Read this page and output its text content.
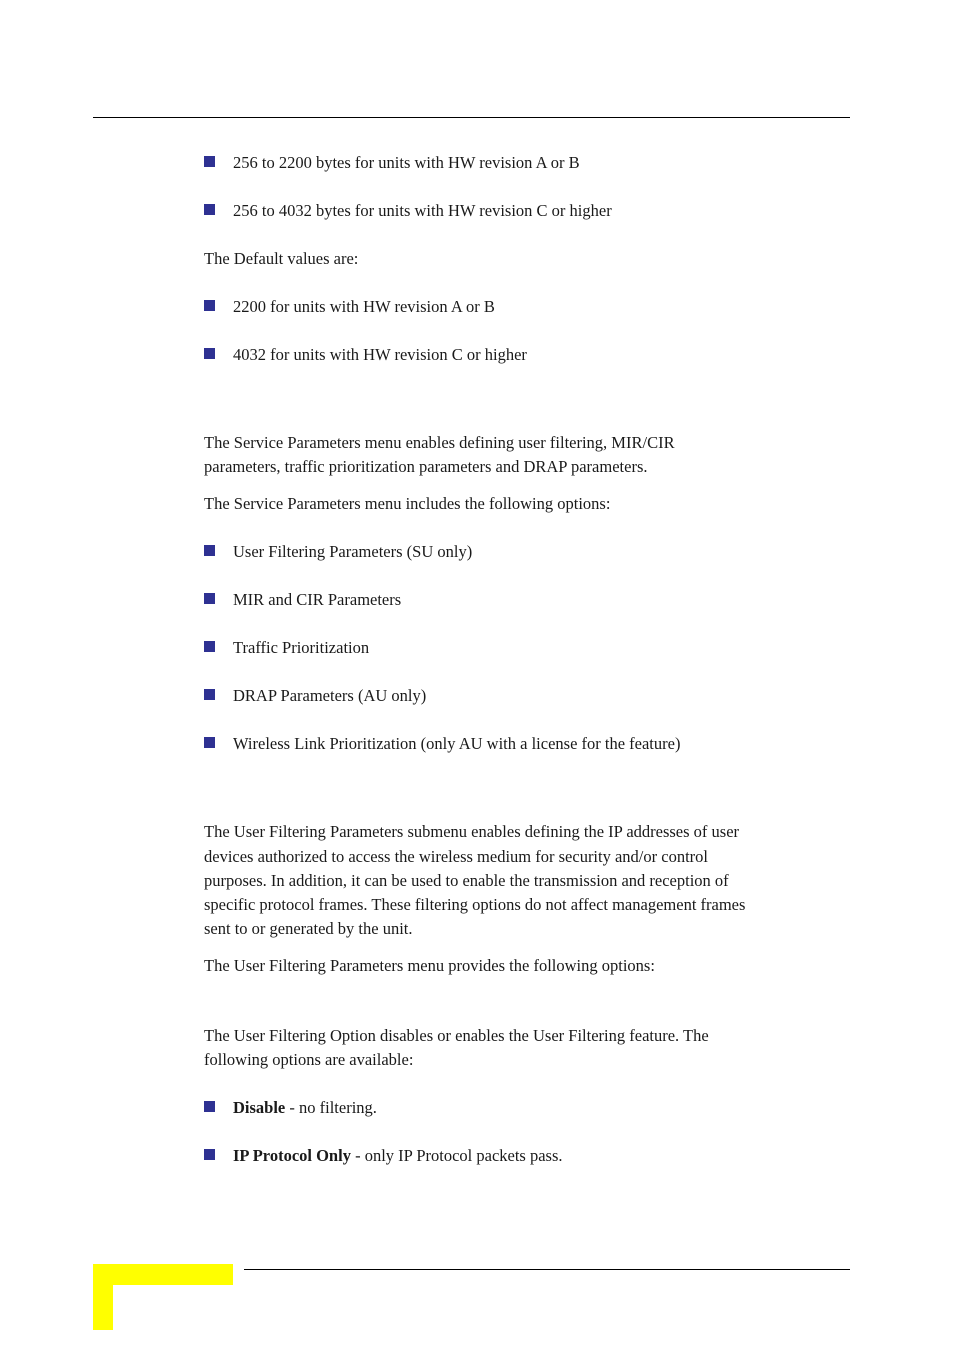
256 to 2200 bytes for units with HW revision A or B
256 to 4032 bytes for units with HW revision C or higher
The Default values are:
2200 for units with HW revision A or B
4032 for units with HW revision C or higher
The Service Parameters menu enables defining user filtering, MIR/CIR
parameters, traffic prioritization parameters and DRAP parameters.
The Service Parameters menu includes the following options:
User Filtering Parameters (SU only)
MIR and CIR Parameters
Traffic Prioritization
DRAP Parameters (AU only)
Wireless Link Prioritization (only AU with a license for the feature)
The User Filtering Parameters submenu enables defining the IP addresses of user
devices authorized to access the wireless medium for security and/or control
purposes. In addition, it can be used to enable the transmission and reception of
specific protocol frames. These filtering options do not affect management frames
sent to or generated by the unit.
The User Filtering Parameters menu provides the following options:
The User Filtering Option disables or enables the User Filtering feature. The
following options are available:
Disable - no filtering.
IP Protocol Only - only IP Protocol packets pass.
